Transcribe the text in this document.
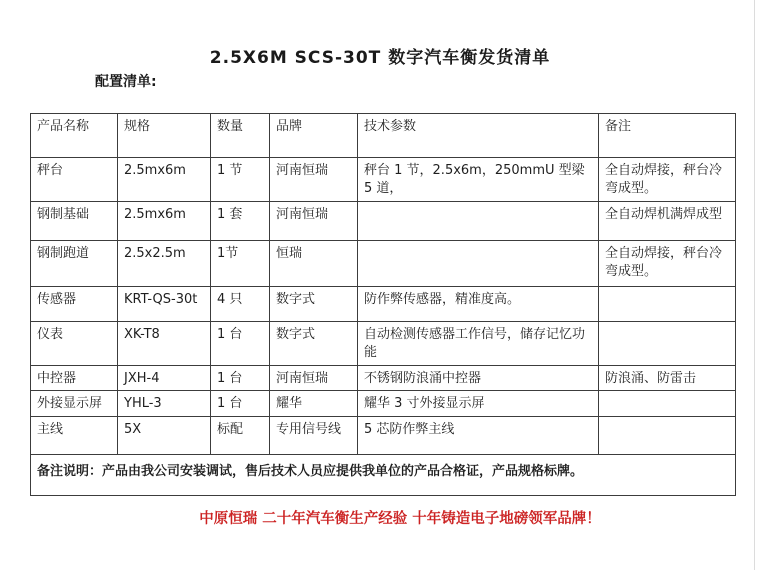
2.5X6M SCS-30T 数字汽车衡发货清单
配置清单:
产品名称	规格	数量	品牌	技术参数	备注
秤台	2.5mx6m	1 节	河南恒瑞	秤台 1 节，2.5x6m，250mmU 型梁 5 道，	全自动焊接，秤台冷弯成型。
钢制基础	2.5mx6m	1 套	河南恒瑞		全自动焊机满焊成型
钢制跑道	2.5x2.5m	1节	恒瑞		全自动焊接，秤台冷弯成型。
传感器	KRT-QS-30t	4 只	数字式	防作弊传感器，精准度高。	
仪表	XK-T8	1 台	数字式	自动检测传感器工作信号，储存记忆功能	
中控器	JXH-4	1 台	河南恒瑞	不锈钢防浪涌中控器	防浪涌、防雷击
外接显示屏	YHL-3	1 台	耀华	耀华 3 寸外接显示屏	
主线	5X	标配	专用信号线	5 芯防作弊主线	
备注说明：产品由我公司安装调试，售后技术人员应提供我单位的产品合格证，产品规格标牌。					
中原恒瑞 二十年汽车衡生产经验 十年铸造电子地磅领军品牌！
